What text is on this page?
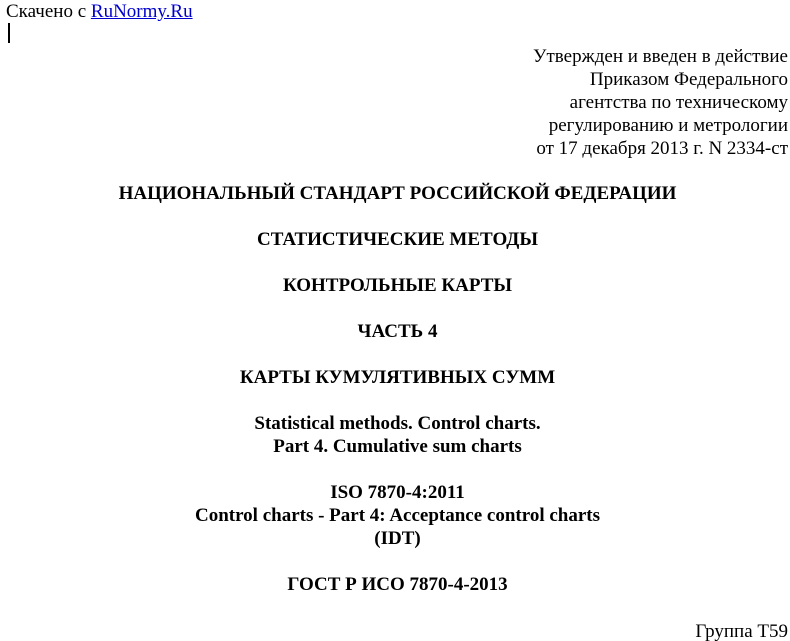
Скачено с RuNormy.Ru
Утвержден и введен в действие
Приказом Федерального
агентства по техническому
регулированию и метрологии
от 17 декабря 2013 г. N 2334-ст
НАЦИОНАЛЬНЫЙ СТАНДАРТ РОССИЙСКОЙ ФЕДЕРАЦИИ
СТАТИСТИЧЕСКИЕ МЕТОДЫ
КОНТРОЛЬНЫЕ КАРТЫ
ЧАСТЬ 4
КАРТЫ КУМУЛЯТИВНЫХ СУММ
Statistical methods. Control charts.
Part 4. Cumulative sum charts
ISO 7870-4:2011
Control charts - Part 4: Acceptance control charts
(IDT)
ГОСТ Р ИСО 7870-4-2013
Группа Т59
